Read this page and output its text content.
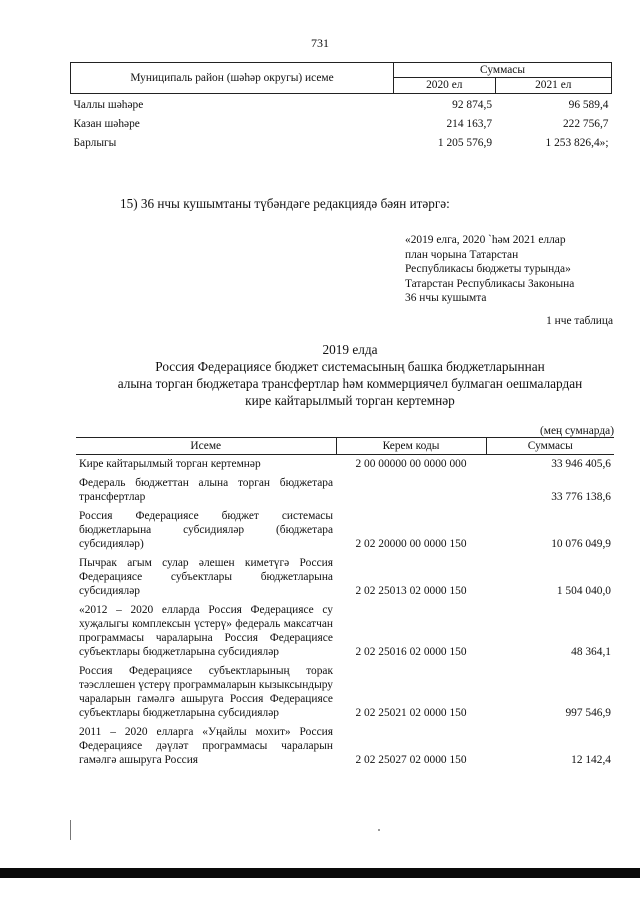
731
Муниципаль район (шәһәр округы) исеме	Суммасы	
	2020 ел	2021 ел
Чаллы шәһәре	92 874,5	96 589,4
Казан шәһәре	214 163,7	222 756,7
Барлыгы	1 205 576,9	1 253 826,4»;
15) 36 нчы кушымтаны түбәндәге редакциядә бәян итәргә:
«2019 елга, 2020 `һәм 2021 еллар
план чорына Татарстан
Республикасы бюджеты турында»
Татарстан Республикасы Законына
36 нчы кушымта
1 нче таблица
2019 елда
Россия Федерациясе бюджет системасының башка бюджетларыннан
алына торган бюджетара трансфертлар һәм коммерциячел булмаган оешмалардан
кире кайтарылмый торган кертемнәр
(мең сумнарда)
Исеме	Керем коды	Суммасы
Кире кайтарылмый торган кертемнәр	2 00 00000 00 0000 000	33 946 405,6
Федераль бюджеттан алына торган бюджетара трансфертлар		33 776 138,6
Россия Федерациясе бюджет системасы бюджетларына субсидияләр (бюджетара субсидияләр)	2 02 20000 00 0000 150	10 076 049,9
Пычрак агым сулар әлешен киметүгә Россия Федерациясе субъектлары бюджетларына субсидияләр	2 02 25013 02 0000 150	1 504 040,0
«2012 – 2020 елларда Россия Федерациясе су хуҗалыгы комплексын үстерү» федераль максатчан программасы чараларына Россия Федерациясе субъектлары бюджетларына субсидияләр	2 02 25016 02 0000 150	48 364,1
Россия Федерациясе субъектларының торак тәэсллешен үстерү программаларын кызыксындыру чараларын гамәлгә ашыруга Россия Федерациясе субъектлары бюджетларына субсидияләр	2 02 25021 02 0000 150	997 546,9
2011 – 2020 елларга «Уңайлы мохит» Россия Федерациясе дәүләт программасы чараларын гамәлгә ашыруга Россия	2 02 25027 02 0000 150	12 142,4
